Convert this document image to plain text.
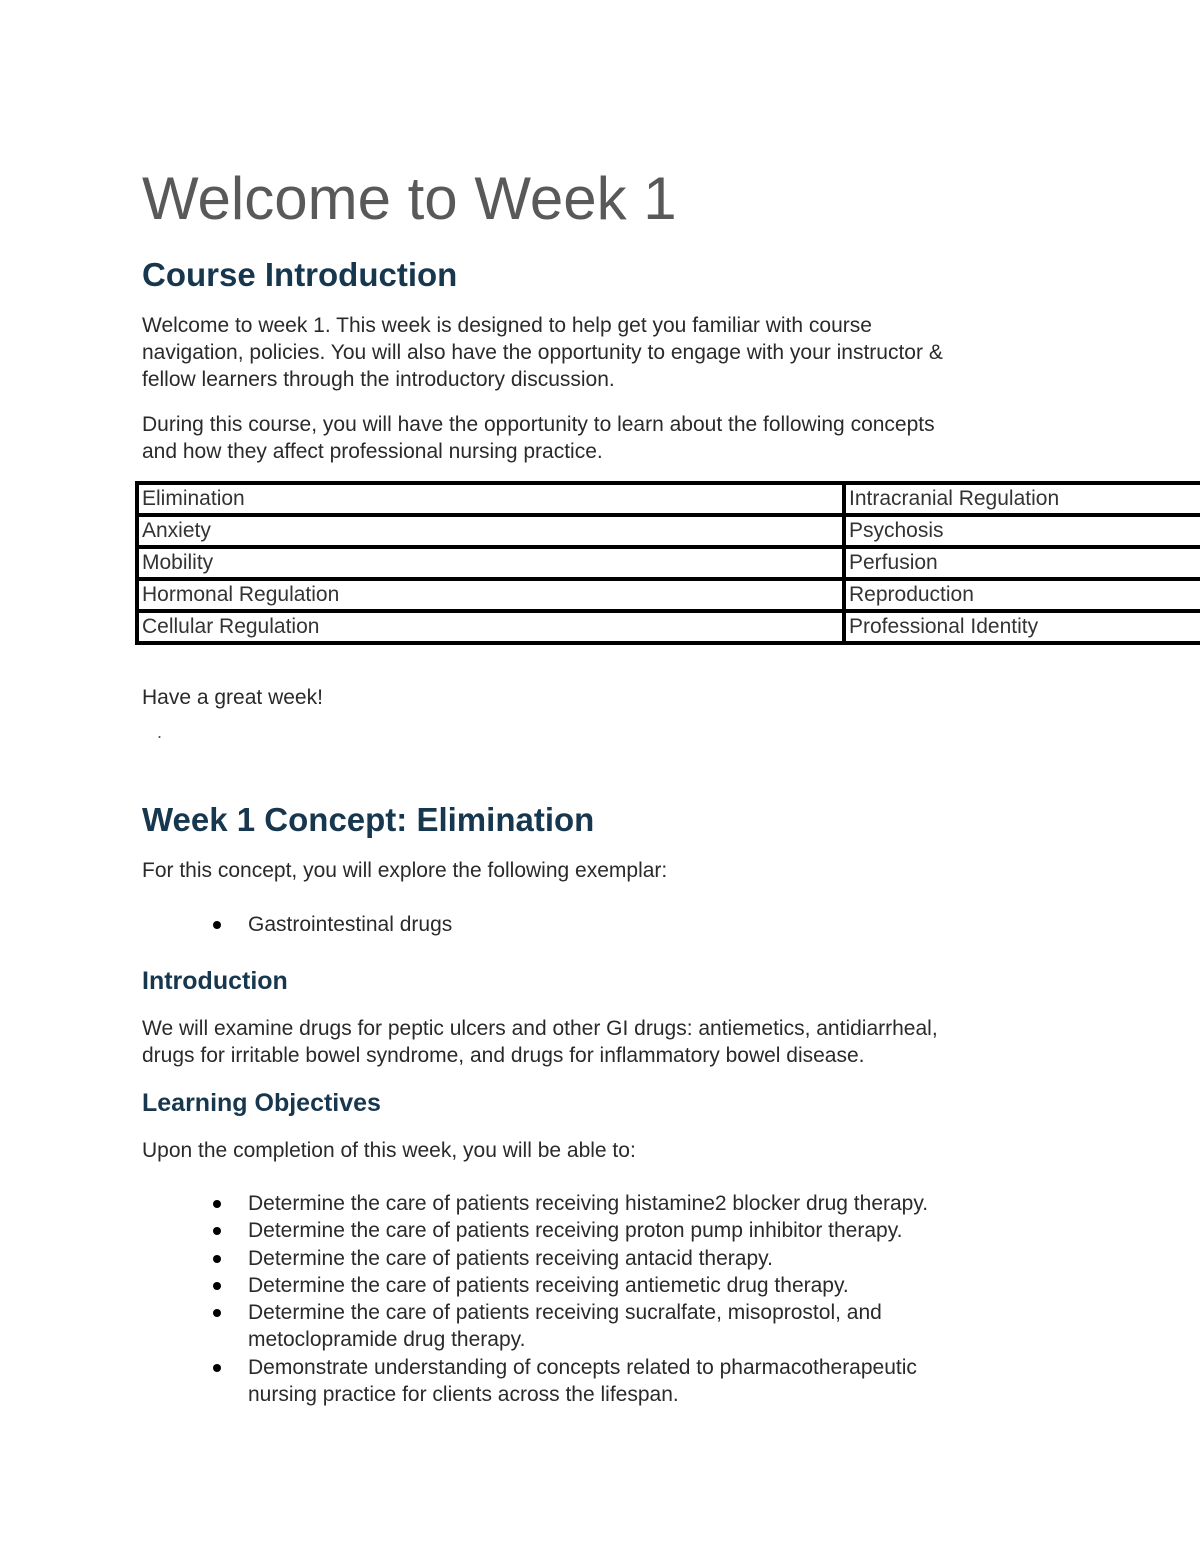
Welcome to Week 1
Course Introduction

Welcome to week 1. This week is designed to help get you familiar with course
navigation, policies. You will also have the opportunity to engage with your instructor &
fellow learners through the introductory discussion.

During this course, you will have the opportunity to learn about the following concepts
and how they affect professional nursing practice.

Elimination	Intracranial Regulation
Anxiety	Psychosis
Mobility	Perfusion
Hormonal Regulation	Reproduction
Cellular Regulation	Professional Identity

Have a great week!

.
Week 1 Concept: Elimination

For this concept, you will explore the following exemplar:

Gastrointestinal drugs
Introduction

We will examine drugs for peptic ulcers and other GI drugs: antiemetics, antidiarrheal,
drugs for irritable bowel syndrome, and drugs for inflammatory bowel disease.

Learning Objectives

Upon the completion of this week, you will be able to:

Determine the care of patients receiving histamine2 blocker drug therapy.
Determine the care of patients receiving proton pump inhibitor therapy.
Determine the care of patients receiving antacid therapy.
Determine the care of patients receiving antiemetic drug therapy.
Determine the care of patients receiving sucralfate, misoprostol, and
metoclopramide drug therapy.
Demonstrate understanding of concepts related to pharmacotherapeutic
nursing practice for clients across the lifespan.
